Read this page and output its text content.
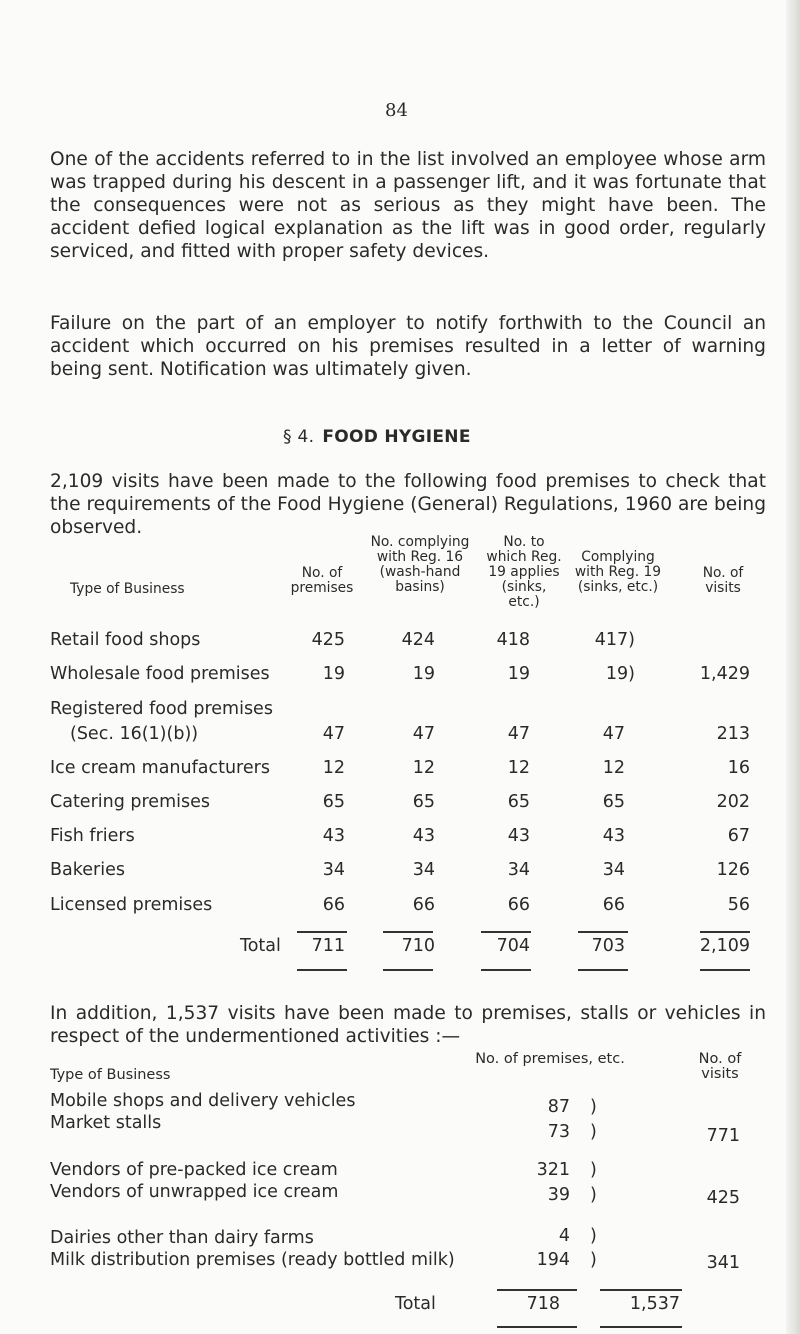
84

One of the accidents referred to in the list involved an employee whose arm was trapped during his descent in a passenger lift, and it was fortunate that the consequences were not as serious as they might have been. The accident defied logical explanation as the lift was in good order, regularly serviced, and fitted with proper safety devices.

Failure on the part of an employer to notify forthwith to the Council an accident which occurred on his premises resulted in a letter of warning being sent. Notification was ultimately given.

§ 4. FOOD HYGIENE

2,109 visits have been made to the following food premises to check that the requirements of the Food Hygiene (General) Regulations, 1960 are being observed.

Type of Business
No. of premises
No. complying with Reg. 16 (wash-hand basins)
No. to which Reg. 19 applies (sinks, etc.)
Complying with Reg. 19 (sinks, etc.)
No. of visits
Retail food shops	425	424	418	417)
Wholesale food premises	19	19	19	19)	1,429
Registered food premises
(Sec. 16(1)(b))	47	47	47	47	213
Ice cream manufacturers	12	12	12	12	16
Catering premises	65	65	65	65	202
Fish friers	43	43	43	43	67
Bakeries	34	34	34	34	126
Licensed premises	66	66	66	66	56
Total	711	710	704	703	2,109

In addition, 1,537 visits have been made to premises, stalls or vehicles in respect of the undermentioned activities :—

Type of Business
No. of premises, etc.	No. of visits
Mobile shops and delivery vehicles	87 )
Market stalls	73 )	771
Vendors of pre-packed ice cream	321 )
Vendors of unwrapped ice cream	39 )	425
Dairies other than dairy farms	4 )
Milk distribution premises (ready bottled milk)	194 )	341
Total	718	1,537
